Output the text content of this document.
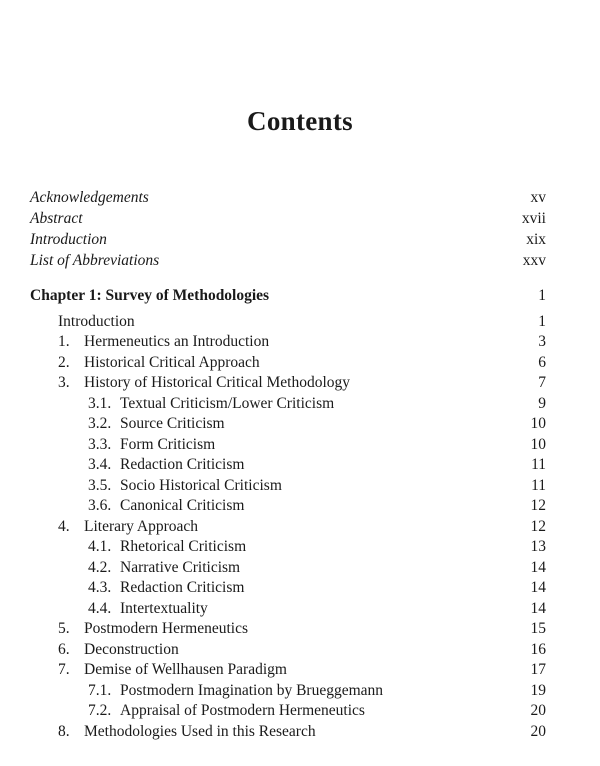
Contents
Acknowledgements	xv
Abstract	xvii
Introduction	xix
List of Abbreviations	xxv
Chapter 1: Survey of Methodologies	1
Introduction	1
1. Hermeneutics an Introduction	3
2. Historical Critical Approach	6
3. History of Historical Critical Methodology	7
3.1. Textual Criticism/Lower Criticism	9
3.2. Source Criticism	10
3.3. Form Criticism	10
3.4. Redaction Criticism	11
3.5. Socio Historical Criticism	11
3.6. Canonical Criticism	12
4. Literary Approach	12
4.1. Rhetorical Criticism	13
4.2. Narrative Criticism	14
4.3. Redaction Criticism	14
4.4. Intertextuality	14
5. Postmodern Hermeneutics	15
6. Deconstruction	16
7. Demise of Wellhausen Paradigm	17
7.1. Postmodern Imagination by Brueggemann	19
7.2. Appraisal of Postmodern Hermeneutics	20
8. Methodologies Used in this Research	20
